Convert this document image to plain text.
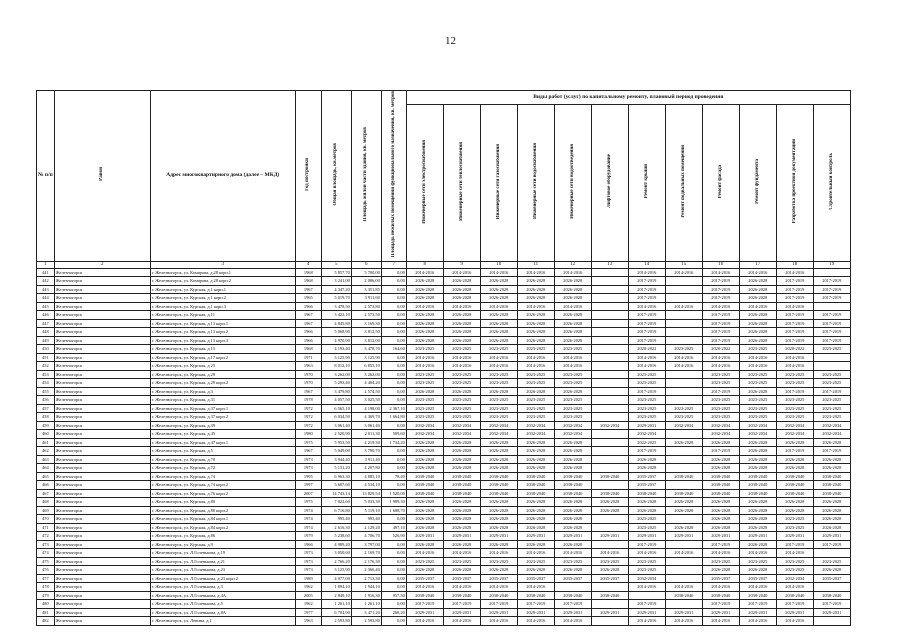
12
№ п/п	Район	Адрес многоквартирного дома (далее – МКД)	Год постройки	Общая площадь, кв.метров	Площадь жилой части здания, кв. метров	Площадь нежилых помещений функционального назначения, кв. метров	Виды работ (услуг) по капитальному ремонту, плановый период проведения											
							Инженерные сети электроснабжения	Инженерные сети теплоснабжения	Инженерные сети газоснабжения	Инженерные сети водоснабжения	Инженерные сети водоотведения	Лифтовое оборудование	Ремонт крыши	Ремонт подвальных помещений	Ремонт фасада	Ремонт фундамента	Разработка проектной документации	Строительный контроль
1	2	3	4	5	6	7	8	9	10	11	12	13	14	15	16	17	18	19
441	Железногорск	г. Железногорск, ул. Комарова, д.28 корп.1	1968	5 857,70	5 700,00	0,00	2014-2016	2014-2016	2014-2016	2014-2016	2014-2016		2014-2016	2014-2016	2014-2016	2014-2016	2014-2016	
442	Железногорск	г. Железногорск, ул. Комарова, д.28 корп.2	1968	3 241,00	2 086,00	0,00	2026-2028	2026-2028	2026-2028	2026-2028	2026-2028		2017-2019		2017-2019	2026-2028	2017-2019	2017-2019
443	Железногорск	г. Железногорск, ул. Курская, д.1 корп.1	1967	4 347,20	3 351,85	0,00	2026-2028	2026-2028	2026-2028	2026-2028	2026-2028		2017-2019		2017-2019	2026-2028	2017-2019	2017-2019
444	Железногорск	г. Железногорск, ул. Курская, д.1 корп.2	1965	5 019,70	3 911,60	0,00	2026-2028	2026-2028	2026-2028	2026-2028	2026-2028		2017-2019		2017-2019	2026-2028	2017-2019	2017-2019
445	Железногорск	г. Железногорск, ул. Курская, д.1 корп.3	1966	3 478,50	2 573,80	0,00	2014-2016	2014-2016	2014-2016	2014-2016	2014-2016		2014-2016	2014-2016	2014-2016	2014-2016	2014-2016	
446	Железногорск	г. Железногорск, ул. Курская, д.11	1967	3 422,10	2 573,50	0,00	2026-2028	2026-2028	2026-2028	2026-2028	2026-2028		2017-2019		2017-2019	2026-2028	2017-2019	2017-2019
447	Железногорск	г. Железногорск, ул. Курская, д.13 корп.1	1967	4 845,80	3 169,30	0,00	2026-2028	2026-2028	2026-2028	2026-2028	2026-2028		2017-2019		2017-2019	2026-2028	2017-2019	2017-2019
448	Железногорск	г. Железногорск, ул. Курская, д.13 корп.2	1966	5 068,90	3 812,50	0,00	2026-2028	2026-2028	2026-2028	2026-2028	2026-2028		2017-2019		2017-2019	2026-2028	2017-2019	2017-2019
449	Железногорск	г. Железногорск, ул. Курская, д.13 корп.3	1966	4 970,90	3 812,00	0,00	2026-2028	2026-2028	2026-2028	2026-2028	2026-2028		2017-2019		2017-2019	2026-2028	2017-2019	2017-2019
450	Железногорск	г. Железногорск, ул. Курская, д.15	1968	4 193,40	3 478,70	164,60	2023-2025	2023-2025	2023-2025	2023-2025	2023-2025		2020-2022	2023-2025	2020-2022	2023-2025	2020-2022	2023-2025
451	Железногорск	г. Железногорск, ул. Курская, д.17 корп.2	1971	3 125,90	3 125,90	0,00	2014-2016	2014-2016	2014-2016	2014-2016	2014-2016		2014-2016	2014-2016	2014-2016	2014-2016	2014-2016	
452	Железногорск	г. Железногорск, ул. Курская, д.25	1963	8 012,10	6 855,10	0,00	2014-2016	2014-2016	2014-2016	2014-2016	2014-2016		2014-2016	2014-2016	2014-2016	2014-2016	2014-2016	
453	Железногорск	г. Железногорск, ул. Курская, д.29	1970	3 262,00	3 262,00	0,00	2023-2025	2023-2025	2023-2025	2023-2025	2023-2025		2023-2025		2023-2025	2023-2025	2023-2025	2023-2025
454	Железногорск	г. Железногорск, ул. Курская, д.29 корп.2	1970	5 293,40	4 404,20	0,00	2023-2025	2023-2025	2023-2025	2023-2025	2023-2025		2023-2025		2023-2025	2023-2025	2023-2025	2023-2025
455	Железногорск	г. Железногорск, ул. Курская, д.3	1967	3 479,80	2 574,50	0,00	2026-2028	2026-2028	2026-2028	2026-2028	2026-2028		2017-2019		2017-2019	2026-2028	2017-2019	2017-2019
456	Железногорск	г. Железногорск, ул. Курская, д.31	1978	4 057,50	3 025,50	0,00	2023-2025	2023-2025	2023-2025	2023-2025	2023-2025		2023-2025		2023-2025	2023-2025	2023-2025	2023-2025
457	Железногорск	г. Железногорск, ул. Курская, д.37 корп.1	1972	6 565,10	4 198,00	2 367,10	2023-2025	2023-2025	2023-2025	2023-2025	2023-2025		2023-2025	2023-2025	2023-2025	2023-2025	2023-2025	2023-2025
458	Железногорск	г. Железногорск, ул. Курская, д.37 корп.2	1972	6 034,50	4 369,70	1 664,80	2023-2025	2023-2025	2023-2025	2023-2025	2023-2025		2023-2025	2023-2025	2023-2025	2023-2025	2023-2025	2023-2025
459	Железногорск	г. Железногорск, ул. Курская, д.39	1972	3 061,40	3 061,40	0,00	2032-2034	2032-2034	2032-2034	2032-2034	2032-2034	2032-2034	2029-2031	2032-2034	2032-2034	2032-2034	2032-2034	2032-2034
460	Железногорск	г. Железногорск, ул. Курская, д.45	1980	2 520,90	2 011,30	509,60	2032-2034	2032-2034	2032-2034	2032-2034	2032-2034		2032-2034		2032-2034	2032-2034	2032-2034	2032-2034
461	Железногорск	г. Железногорск, ул. Курская, д.47 корп.1	1975	5 953,50	4 219,30	1 734,20	2026-2028	2026-2028	2026-2028	2026-2028	2026-2028		2022-2025	2026-2028	2026-2028	2026-2028	2026-2028	2026-2028
462	Железногорск	г. Железногорск, ул. Курская, д.5	1967	5 049,00	3 790,70	0,00	2026-2028	2026-2028	2026-2028	2026-2028	2026-2028		2017-2019		2017-2019	2026-2028	2017-2019	2017-2019
463	Железногорск	г. Железногорск, ул. Курская, д.70	1973	3 944,40	3 911,40	0,00	2026-2028	2026-2028	2026-2028	2026-2028	2026-2028		2026-2028		2026-2028	2026-2028	2026-2028	2026-2028
464	Железногорск	г. Железногорск, ул. Курская, д.72	1973	5 131,20	4 207,80	0,00	2026-2028	2026-2028	2026-2028	2026-2028	2026-2028		2026-2028		2026-2028	2026-2028	2026-2028	2026-2028
465	Железногорск	г. Железногорск, ул. Курская, д.74	1995	6 963,30	4 885,10	78,40	2038-2040	2038-2040	2038-2040	2038-2040	2038-2040	2038-2040	2035-2037	2038-2040	2038-2040	2038-2040	2038-2040	2038-2040
466	Железногорск	г. Железногорск, ул. Курская, д.74 корп.2	1997	5 607,60	4 534,10	0,00	2038-2040	2038-2040	2038-2040	2038-2040	2038-2040		2035-2037		2038-2040	2038-2040	2038-2040	2038-2040
467	Железногорск	г. Железногорск, ул. Курская, д.76 корп.2	2007	14 743,14	13 829,54	1 520,00	2038-2040	2038-2040	2038-2040	2038-2040	2038-2040	2038-2040	2038-2040	2038-2040	2038-2040	2038-2040	2038-2040	2038-2040
468	Железногорск	г. Железногорск, ул. Курская, д.80	1975	7 022,60	5 033,30	1 989,30	2026-2028	2026-2028	2026-2028	2026-2028	2026-2028	2026-2028	2026-2028	2026-2028	2026-2028	2026-2028	2026-2028	2026-2028
469	Железногорск	г. Железногорск, ул. Курская, д.80 корп.2	1974	6 716,80	5 119,10	1 608,70	2026-2028	2026-2028	2026-2028	2026-2028	2026-2028	2026-2028	2026-2028	2026-2028	2026-2028	2026-2028	2026-2028	2026-2028
470	Железногорск	г. Железногорск, ул. Курская, д.84 корп.1	1974	995,40	995,40	0,00	2026-2028	2026-2028	2026-2028	2026-2028	2026-2028		2023-2025		2026-2028	2026-2028	2023-2025	2026-2028
471	Железногорск	г. Железногорск, ул. Курская, д.84 корп.2	1974	2 616,30	2 129,20	497,10	2026-2028	2026-2028	2026-2028	2026-2028	2026-2028		2023-2025	2026-2028	2026-2028	2026-2028	2023-2025	2026-2028
472	Железногорск	г. Железногорск, ул. Курская, д.86	1979	5 238,60	4 706,70	526,90	2029-2031	2029-2031	2029-2031	2029-2031	2029-2031	2029-2031	2029-2031	2029-2031	2029-2031	2029-2031	2029-2031	2029-2031
473	Железногорск	г. Железногорск, ул. Курская, д.9	1966	4 989,20	3 797,00	0,00	2026-2028	2026-2028	2026-2028	2026-2028	2026-2028		2017-2019		2017-2019	2026-2028	2017-2019	2017-2019
474	Железногорск	г. Железногорск, ул. Л.Голенькова, д.19	1973	3 050,60	2 169,70	0,00	2014-2016	2014-2016	2014-2016	2014-2016	2014-2016	2014-2016	2014-2016	2014-2016	2014-2016	2014-2016	2014-2016	
475	Железногорск	г. Железногорск, ул. Л.Голенькова, д.21	1973	2 766,20	2 176,30	0,00	2023-2025	2023-2025	2023-2025	2023-2025	2023-2025	2023-2025	2023-2025		2023-2025	2023-2025	2023-2025	2023-2025
476	Железногорск	г. Железногорск, ул. Л.Голенькова, д.23	1973	3 125,90	2 366,40	0,00	2026-2028	2026-2028	2026-2028	2026-2028	2026-2028	2026-2028	2023-2025		2026-2028	2026-2028	2023-2025	2026-2028
477	Железногорск	г. Железногорск, ул. Л.Голенькова, д.23 корп.2	1989	4 077,00	2 713,30	0,00	2035-2037	2035-2037	2035-2037	2035-2037	2035-2037	2035-2037	2032-2034		2035-2037	2035-2037	2032-2034	2035-2037
478	Железногорск	г. Железногорск, ул. Л.Голенькова, д.3	1962	1 894,10	1 944,10	0,00	2014-2016	2014-2016	2014-2016	2014-2016			2014-2016	2014-2016	2014-2016	2014-2016	2014-2016	
479	Железногорск	г. Железногорск, ул. Л.Голенькова, д.4А	2005	2 849,10	1 916,30	957,30	2038-2040	2038-2040	2038-2040	2038-2040	2038-2040	2038-2040		2038-2040	2038-2040	2038-2040	2038-2040	2038-2040
480	Железногорск	г. Железногорск, ул. Л.Голенькова, д.5	1962	1 261,10	1 261,10	0,00	2017-2019	2017-2019	2017-2019	2017-2019	2017-2019		2017-2019		2017-2019	2017-2019	2017-2019	2017-2019
481	Железногорск	г. Железногорск, ул. Л.Голенькова, д.8А	1977	6 704,90	3 471,20	268,20	2029-2031	2029-2031	2029-2031	2029-2031	2029-2031	2029-2031	2029-2031	2029-2031	2029-2031	2029-2031	2029-2031	2029-2031
482	Железногорск	г. Железногорск, ул. Ленина, д.1	1963	2 593,80	2 593,80	0,00	2014-2016	2014-2016	2014-2016	2014-2016	2014-2016		2014-2016	2014-2016	2014-2016	2014-2016	2014-2016	
